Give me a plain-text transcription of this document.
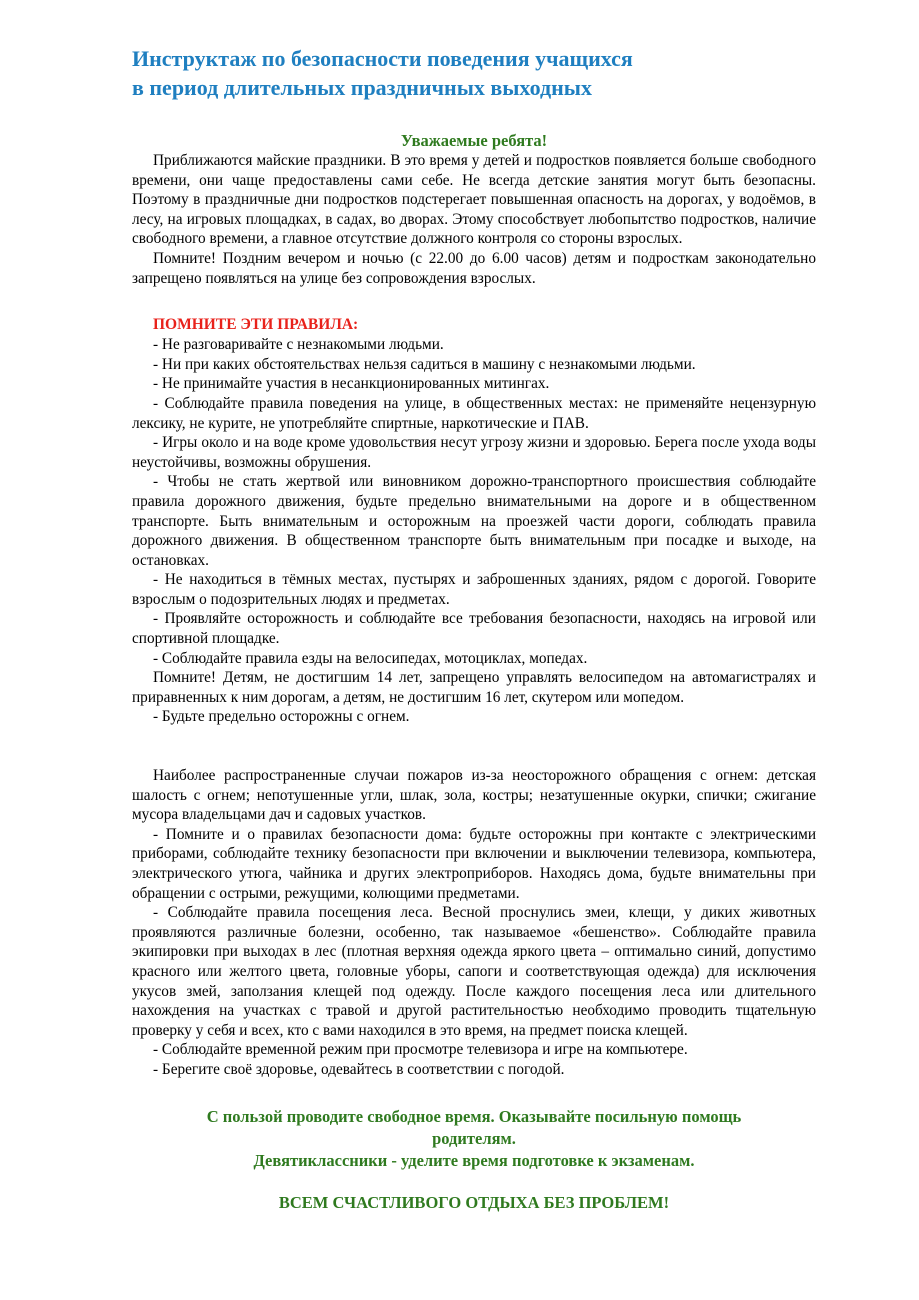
Инструктаж по безопасности поведения учащихся
в период длительных праздничных выходных
Уважаемые ребята!

Приближаются майские праздники. В это время у детей и подростков появляется больше свободного времени, они чаще предоставлены сами себе. Не всегда детские занятия могут быть безопасны. Поэтому в праздничные дни подростков подстерегает повышенная опасность на дорогах, у водоёмов, в лесу, на игровых площадках, в садах, во дворах. Этому способствует любопытство подростков, наличие свободного времени, а главное отсутствие должного контроля со стороны взрослых.

Помните! Поздним вечером и ночью (с 22.00 до 6.00 часов) детям и подросткам законодательно запрещено появляться на улице без сопровождения взрослых.

ПОМНИТЕ ЭТИ ПРАВИЛА:

- Не разговаривайте с незнакомыми людьми.

- Ни при каких обстоятельствах нельзя садиться в машину с незнакомыми людьми.

- Не принимайте участия в несанкционированных митингах.

- Соблюдайте правила поведения на улице, в общественных местах: не применяйте нецензурную лексику, не курите, не употребляйте спиртные, наркотические и ПАВ.

- Игры около и на воде кроме удовольствия несут угрозу жизни и здоровью. Берега после ухода воды неустойчивы, возможны обрушения.

- Чтобы не стать жертвой или виновником дорожно-транспортного происшествия соблюдайте правила дорожного движения, будьте предельно внимательными на дороге и в общественном транспорте. Быть внимательным и осторожным на проезжей части дороги, соблюдать правила дорожного движения. В общественном транспорте быть внимательным при посадке и выходе, на остановках.

- Не находиться в тёмных местах, пустырях и заброшенных зданиях, рядом с дорогой. Говорите взрослым о подозрительных людях и предметах.

- Проявляйте осторожность и соблюдайте все требования безопасности, находясь на игровой или спортивной площадке.

- Соблюдайте правила езды на велосипедах, мотоциклах, мопедах.

Помните! Детям, не достигшим 14 лет, запрещено управлять велосипедом на автомагистралях и приравненных к ним дорогам, а детям, не достигшим 16 лет, скутером или мопедом.

- Будьте предельно осторожны с огнем.

Наиболее распространенные случаи пожаров из-за неосторожного обращения с огнем: детская шалость с огнем; непотушенные угли, шлак, зола, костры; незатушенные окурки, спички; сжигание мусора владельцами дач и садовых участков.

- Помните и о правилах безопасности дома: будьте осторожны при контакте с электрическими приборами, соблюдайте технику безопасности при включении и выключении телевизора, компьютера, электрического утюга, чайника и других электроприборов. Находясь дома, будьте внимательны при обращении с острыми, режущими, колющими предметами.

- Соблюдайте правила посещения леса. Весной проснулись змеи, клещи, у диких животных проявляются различные болезни, особенно, так называемое «бешенство». Соблюдайте правила экипировки при выходах в лес (плотная верхняя одежда яркого цвета – оптимально синий, допустимо красного или желтого цвета, головные уборы, сапоги и соответствующая одежда) для исключения укусов змей, заползания клещей под одежду. После каждого посещения леса или длительного нахождения на участках с травой и другой растительностью необходимо проводить тщательную проверку у себя и всех, кто с вами находился в это время, на предмет поиска клещей.

- Соблюдайте временной режим при просмотре телевизора и игре на компьютере.

- Берегите своё здоровье, одевайтесь в соответствии с погодой.

С пользой проводите свободное время. Оказывайте посильную помощь

родителям.

Девятиклассники - уделите время подготовке к экзаменам.

ВСЕМ СЧАСТЛИВОГО ОТДЫХА БЕЗ ПРОБЛЕМ!
